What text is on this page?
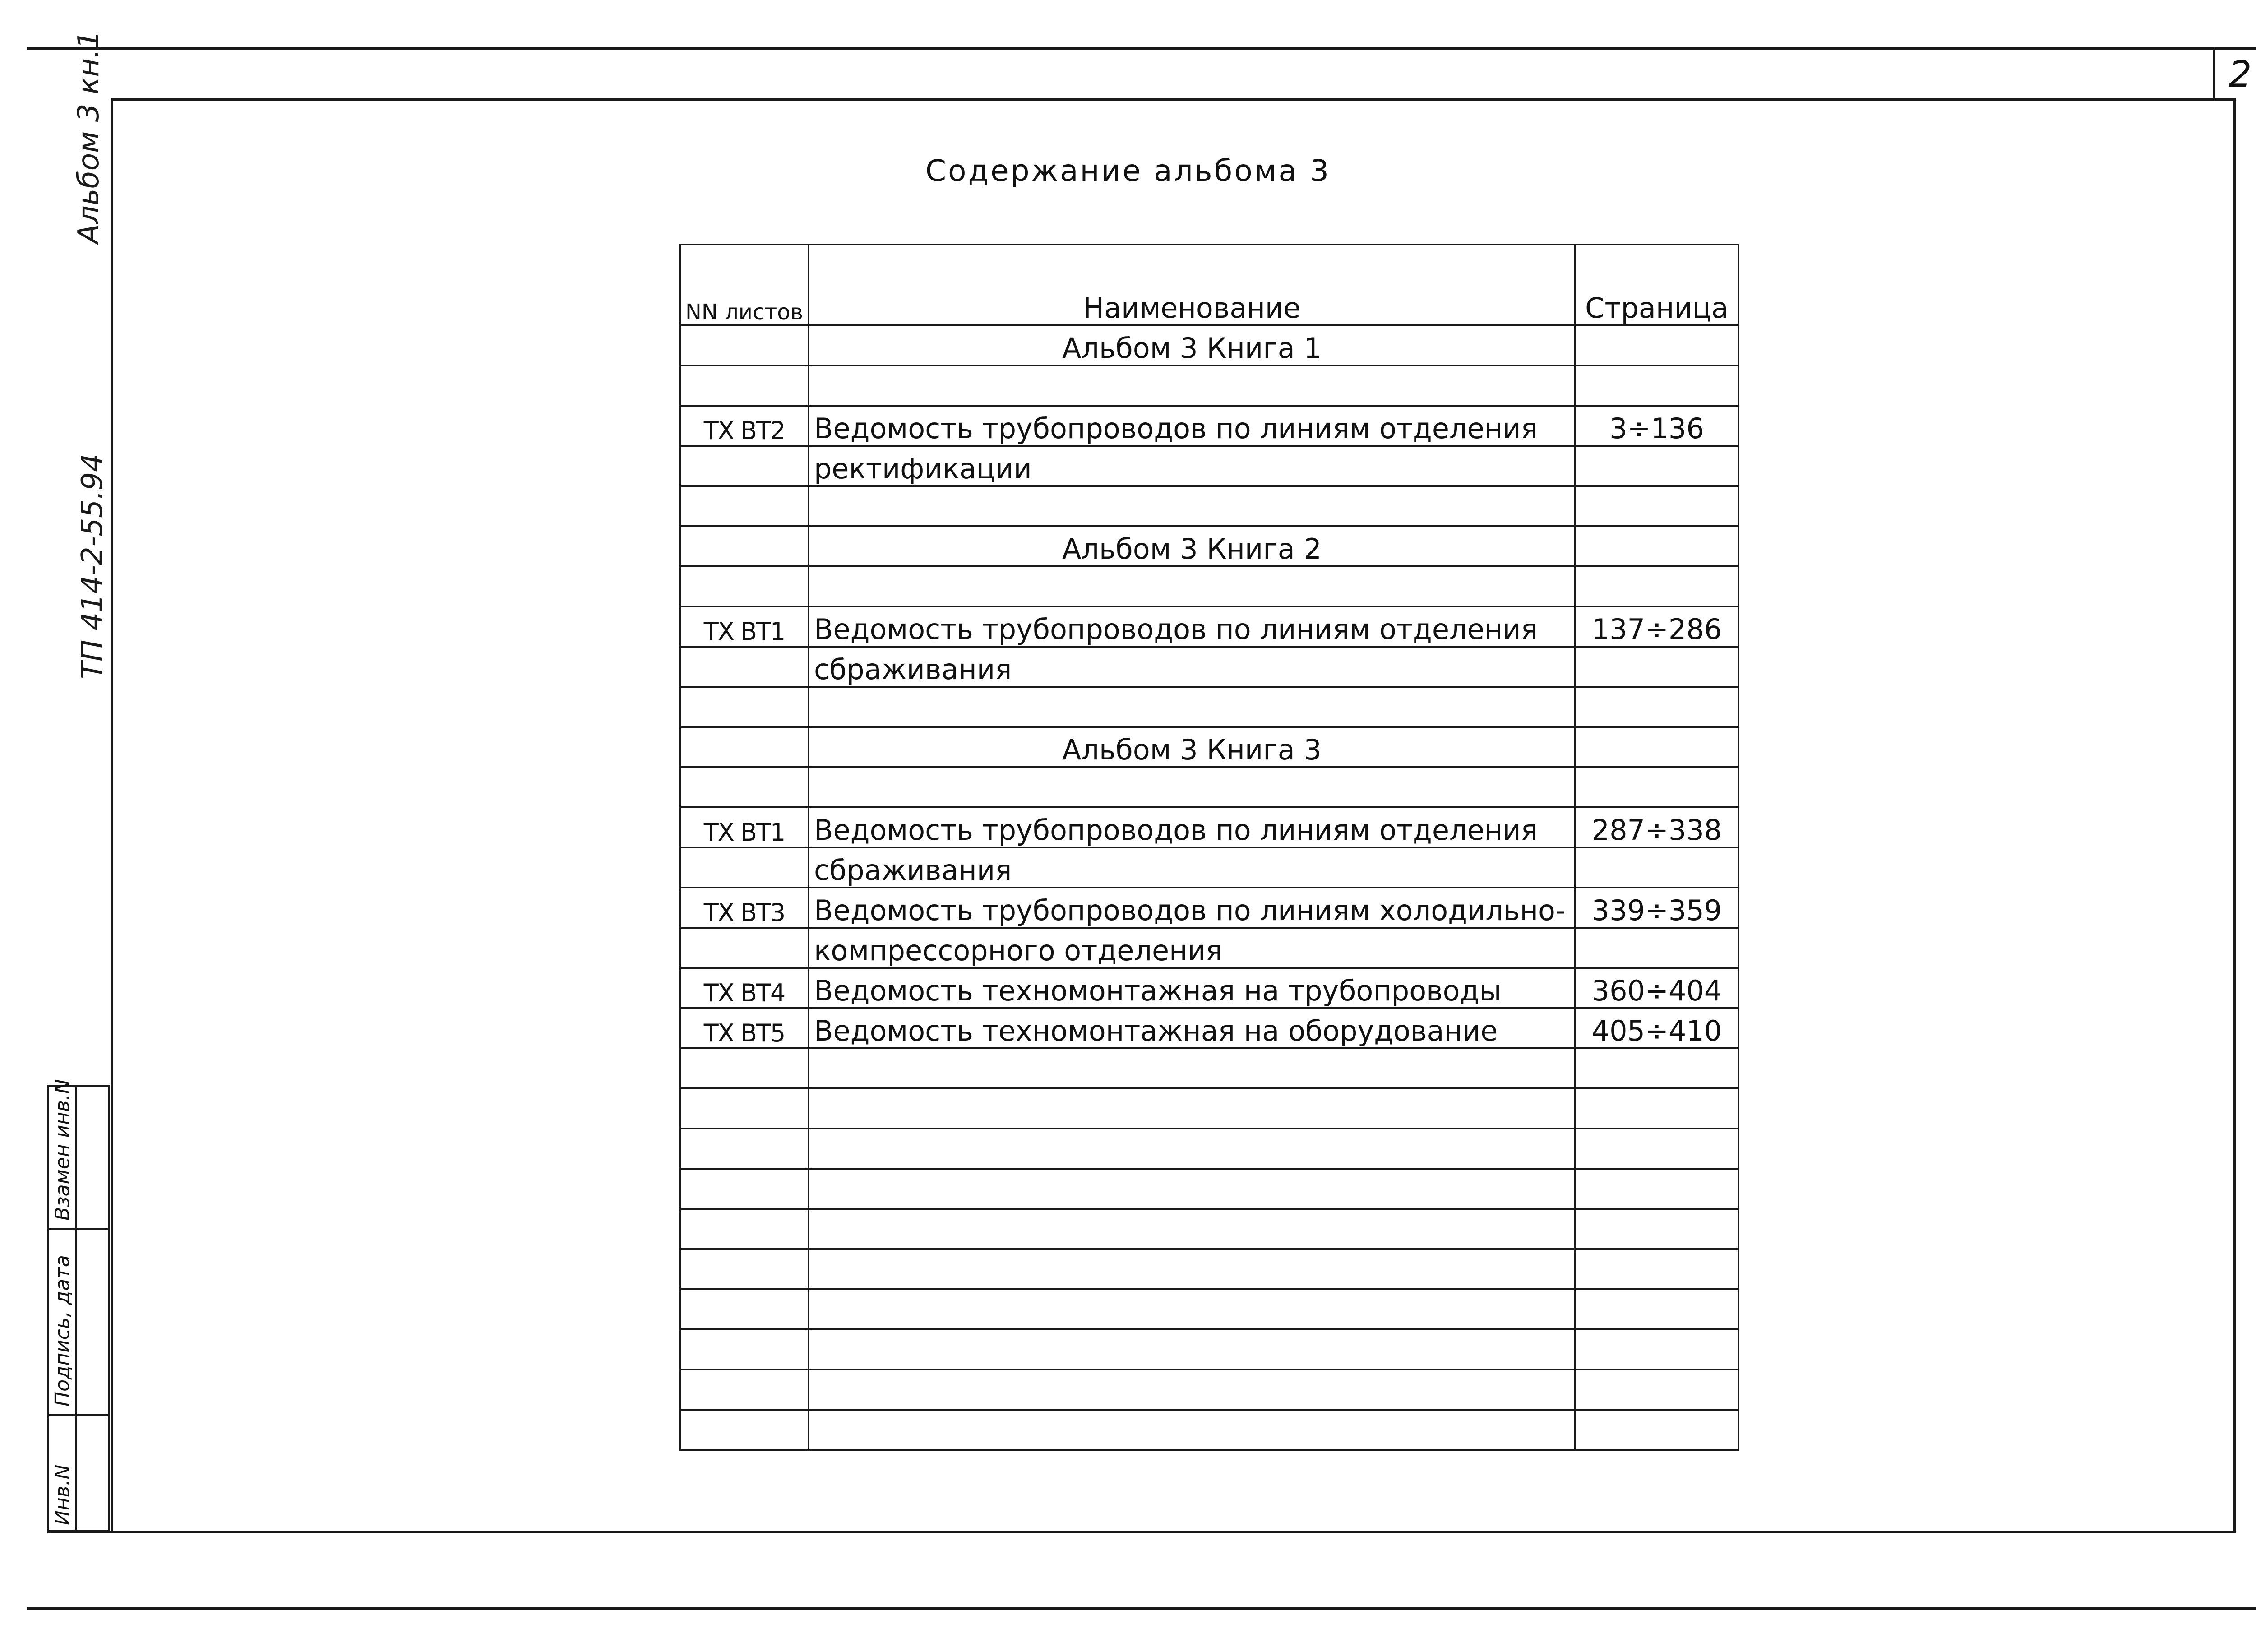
2
Альбом 3 кн.1
ТП 414-2-55.94
Содержание альбома 3
NN листов	Наименование	Страница
	Альбом 3 Книга 1	

ТХ ВТ2	Ведомость трубопроводов по линиям отделения	3÷136
	ректификации	

	Альбом 3 Книга 2	

ТХ ВТ1	Ведомость трубопроводов по линиям отделения	137÷286
	сбраживания	

	Альбом 3 Книга 3	

ТХ ВТ1	Ведомость трубопроводов по линиям отделения	287÷338
	сбраживания	
ТХ ВТ3	Ведомость трубопроводов по линиям холодильно-	339÷359
	компрессорного отделения	
ТХ ВТ4	Ведомость техномонтажная на трубопроводы	360÷404
ТХ ВТ5	Ведомость техномонтажная на оборудование	405÷410

Взамен инв.N
Подпись, дата
Инв.N
